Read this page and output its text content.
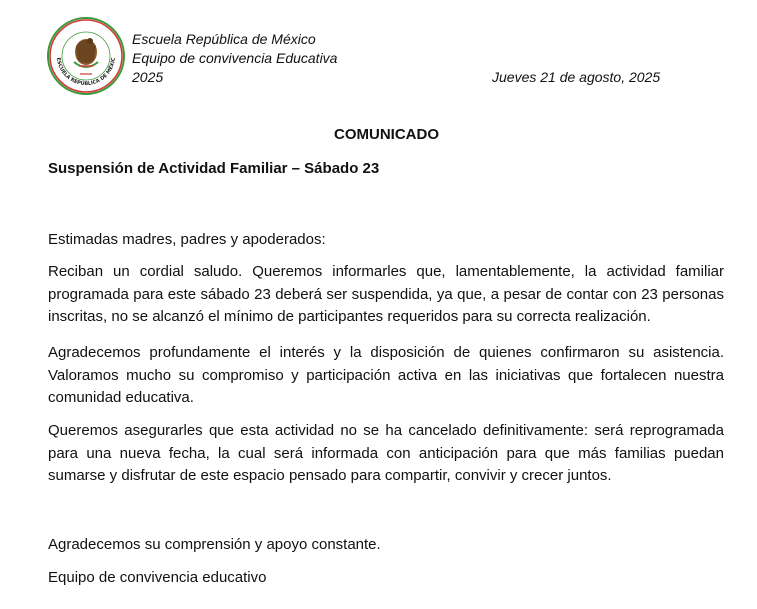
ESCUELA REPÚBLICA DE MÉXIC
Escuela República de México
Equipo de convivencia Educativa
2025	Jueves 21 de agosto, 2025
COMUNICADO
Suspensión de Actividad Familiar – Sábado 23
Estimadas madres, padres y apoderados:
Reciban un cordial saludo. Queremos informarles que, lamentablemente, la actividad familiar programada para este sábado 23 deberá ser suspendida, ya que, a pesar de contar con 23 personas inscritas, no se alcanzó el mínimo de participantes requeridos para su correcta realización.
Agradecemos profundamente el interés y la disposición de quienes confirmaron su asistencia. Valoramos mucho su compromiso y participación activa en las iniciativas que fortalecen nuestra comunidad educativa.
Queremos asegurarles que esta actividad no se ha cancelado definitivamente: será reprogramada para una nueva fecha, la cual será informada con anticipación para que más familias puedan sumarse y disfrutar de este espacio pensado para compartir, convivir y crecer juntos.
Agradecemos su comprensión y apoyo constante.
Equipo de convivencia educativo
